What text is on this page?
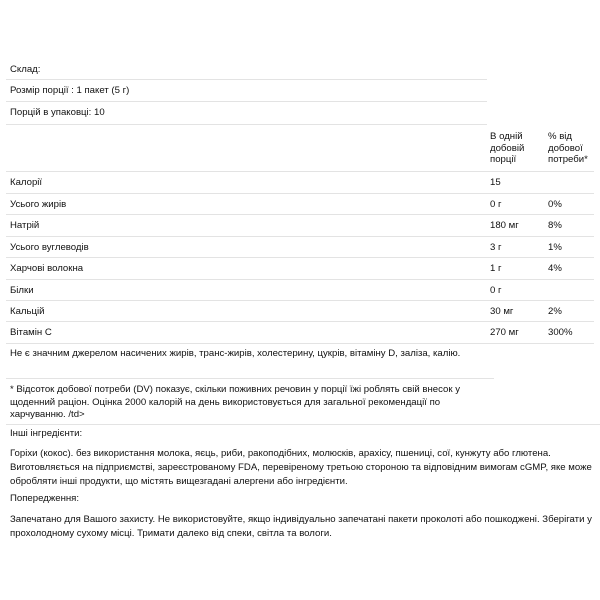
Склад:
Розмір порції : 1 пакет (5 г)
Порцій в упаковці: 10
В одній добовій порції
% від добової потреби*
Калорії	15
Усього жирів	0 г	0%
Натрій	180 мг	8%
Усього вуглеводів	3 г	1%
Харчові волокна	1 г	4%
Білки	0 г
Кальцій	30 мг	2%
Вітамін С	270 мг	300%
Не є значним джерелом насичених жирів, транс-жирів, холестерину, цукрів, вітаміну D, заліза, калію.
* Відсоток добової потреби (DV) показує, скільки поживних речовин у порції їжі роблять свій внесок у щоденний раціон. Оцінка 2000 калорій на день використовується для загальної рекомендації по харчуванню. /td>
Інші інгредієнти:
Горіхи (кокос). без використання молока, яєць, риби, ракоподібних, молюсків, арахісу, пшениці, сої, кунжуту або глютена.
Виготовляється на підприємстві, зареєстрованому FDA, перевіреному третьою стороною та відповідним вимогам cGMP, яке може обробляти інші продукти, що містять вищезгадані алергени або інгредієнти.
Попередження:
Запечатано для Вашого захисту. Не використовуйте, якщо індивідуально запечатані пакети проколоті або пошкоджені. Зберігати у прохолодному сухому місці. Тримати далеко від спеки, світла та вологи.
